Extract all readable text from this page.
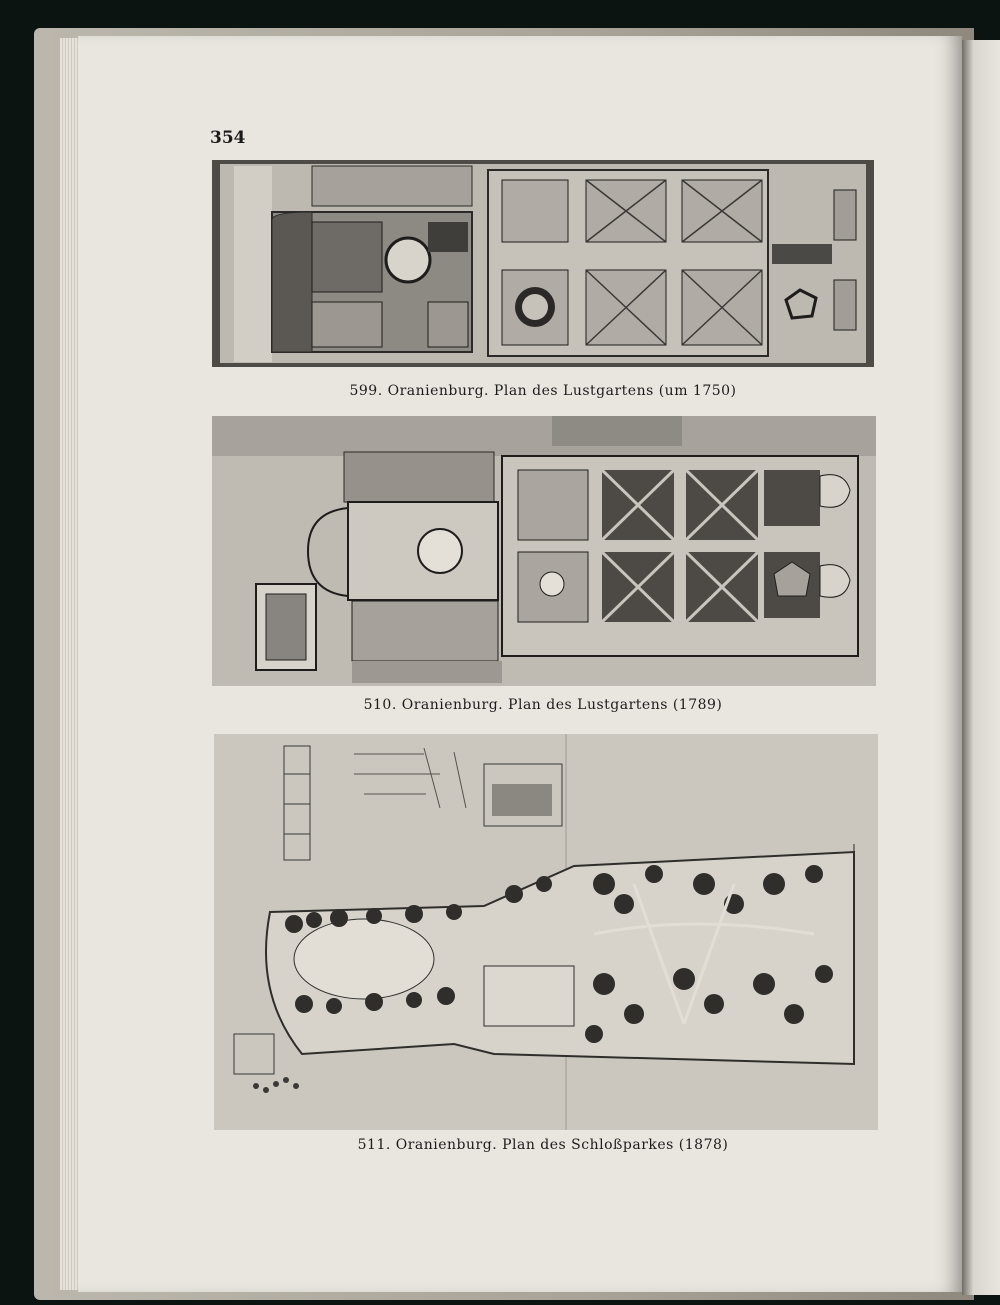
354
599. Oranienburg. Plan des Lustgartens (um 1750)
510. Oranienburg. Plan des Lustgartens (1789)
511. Oranienburg. Plan des Schloßparkes (1878)
